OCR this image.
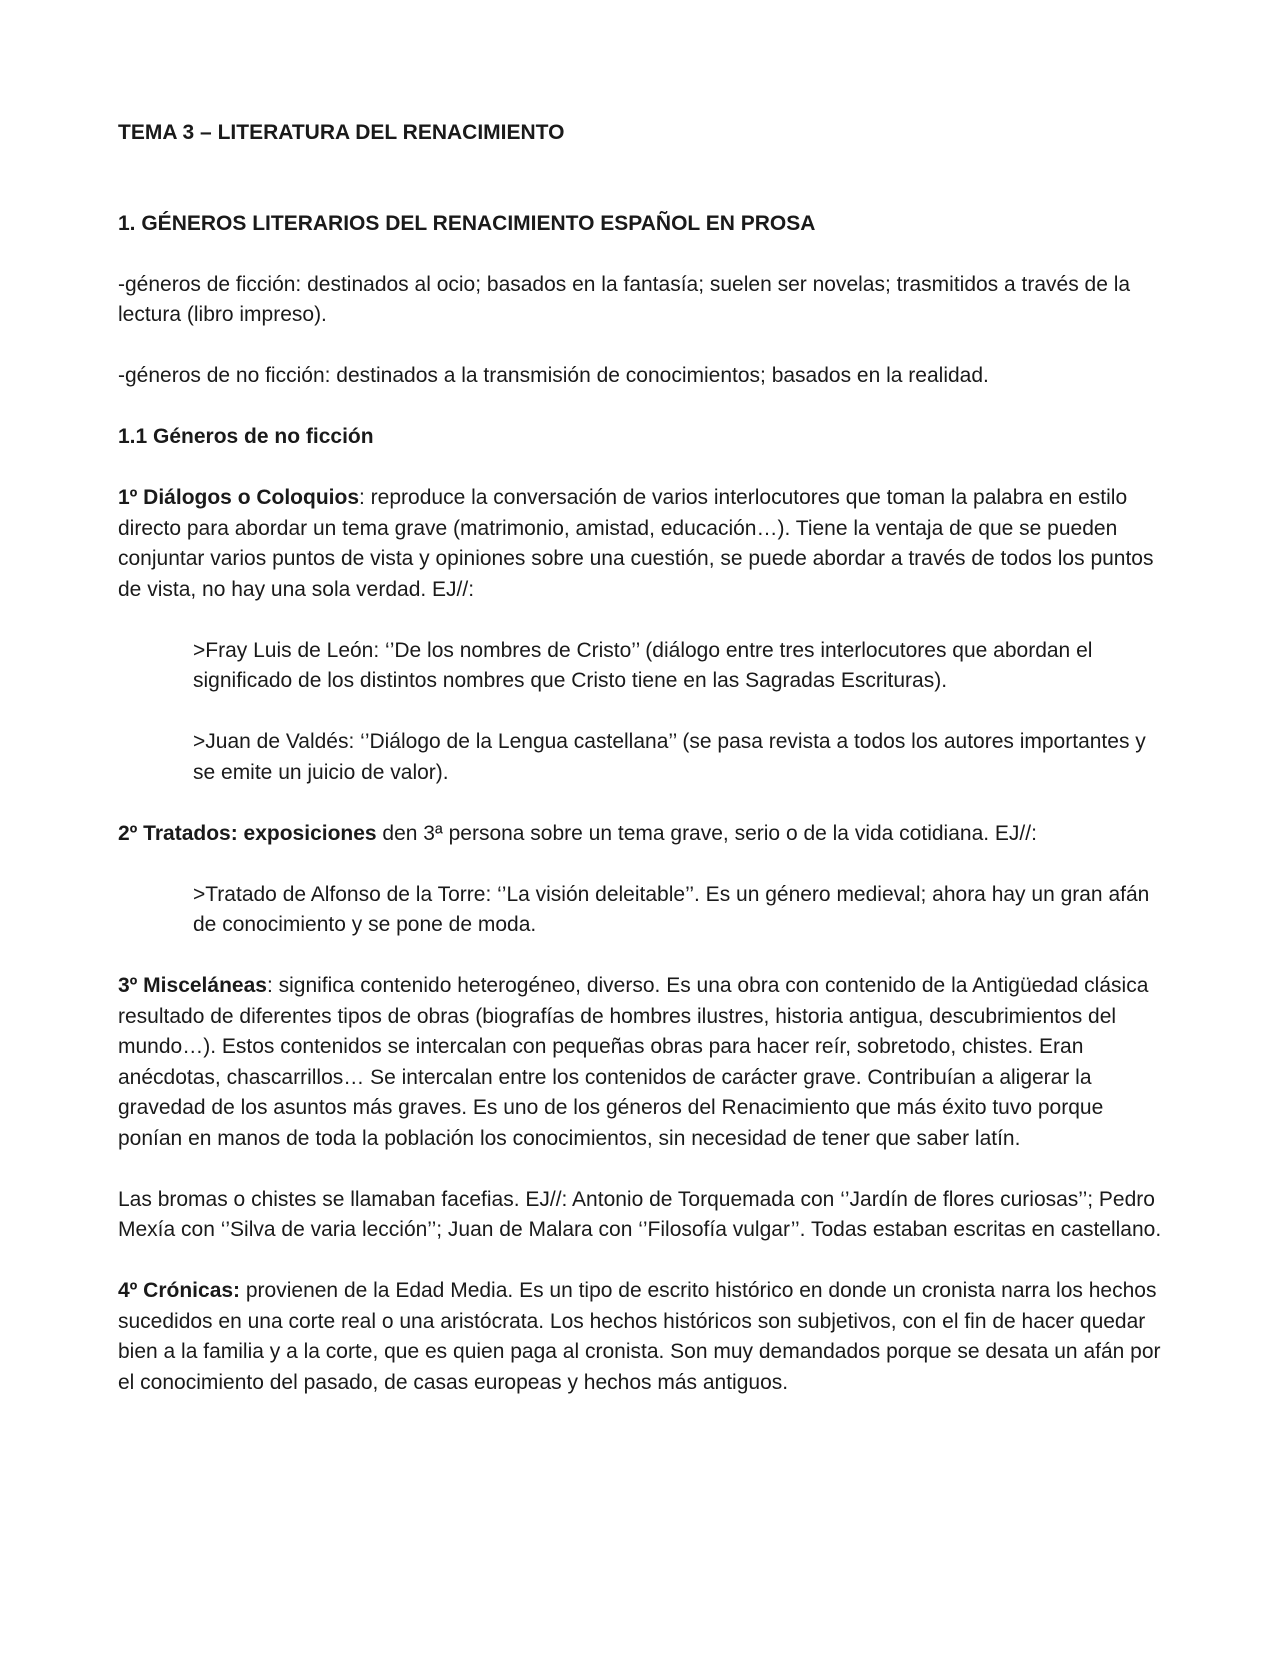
TEMA 3 – LITERATURA DEL RENACIMIENTO

1. GÉNEROS LITERARIOS DEL RENACIMIENTO ESPAÑOL EN PROSA

-géneros de ficción: destinados al ocio; basados en la fantasía; suelen ser novelas; trasmitidos a través de la lectura (libro impreso).

-géneros de no ficción: destinados a la transmisión de conocimientos; basados en la realidad.

1.1 Géneros de no ficción

1º Diálogos o Coloquios: reproduce la conversación de varios interlocutores que toman la palabra en estilo directo para abordar un tema grave (matrimonio, amistad, educación…). Tiene la ventaja de que se pueden conjuntar varios puntos de vista y opiniones sobre una cuestión, se puede abordar a través de todos los puntos de vista, no hay una sola verdad. EJ//:

>Fray Luis de León: ‘’De los nombres de Cristo’’ (diálogo entre tres interlocutores que abordan el significado de los distintos nombres que Cristo tiene en las Sagradas Escrituras).

>Juan de Valdés: ‘’Diálogo de la Lengua castellana’’ (se pasa revista a todos los autores importantes y se emite un juicio de valor).

2º Tratados: exposiciones den 3ª persona sobre un tema grave, serio o de la vida cotidiana. EJ//:

>Tratado de Alfonso de la Torre: ‘’La visión deleitable’’. Es un género medieval; ahora hay un gran afán de conocimiento y se pone de moda.

3º Misceláneas: significa contenido heterogéneo, diverso. Es una obra con contenido de la Antigüedad clásica resultado de diferentes tipos de obras (biografías de hombres ilustres, historia antigua, descubrimientos del mundo…). Estos contenidos se intercalan con pequeñas obras para hacer reír, sobretodo, chistes. Eran anécdotas, chascarrillos… Se intercalan entre los contenidos de carácter grave. Contribuían a aligerar la gravedad de los asuntos más graves. Es uno de los géneros del Renacimiento que más éxito tuvo porque ponían en manos de toda la población los conocimientos, sin necesidad de tener que saber latín.

Las bromas o chistes se llamaban facefias. EJ//: Antonio de Torquemada con ‘’Jardín de flores curiosas’’; Pedro Mexía con ‘’Silva de varia lección’’; Juan de Malara con ‘’Filosofía vulgar’’. Todas estaban escritas en castellano.

4º Crónicas: provienen de la Edad Media. Es un tipo de escrito histórico en donde un cronista narra los hechos sucedidos en una corte real o una aristócrata. Los hechos históricos son subjetivos, con el fin de hacer quedar bien a la familia y a la corte, que es quien paga al cronista. Son muy demandados porque se desata un afán por el conocimiento del pasado, de casas europeas y hechos más antiguos.
